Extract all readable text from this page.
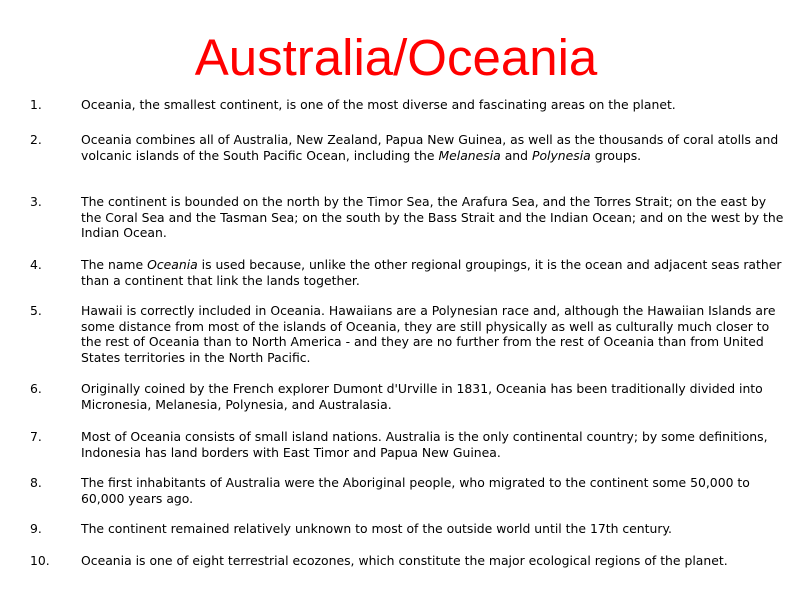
Australia/Oceania
1.	Oceania, the smallest continent, is one of the most diverse and fascinating areas on the planet.
2.	Oceania combines all of Australia, New Zealand, Papua New Guinea, as well as the thousands of coral atolls and volcanic islands of the South Pacific Ocean, including the Melanesia and Polynesia groups.
3.	The continent is bounded on the north by the Timor Sea, the Arafura Sea, and the Torres Strait; on the east by the Coral Sea and the Tasman Sea; on the south by the Bass Strait and the Indian Ocean; and on the west by the Indian Ocean.
4.	The name Oceania is used because, unlike the other regional groupings, it is the ocean and adjacent seas rather than a continent that link the lands together.
5.	Hawaii is correctly included in Oceania. Hawaiians are a Polynesian race and, although the Hawaiian Islands are some distance from most of the islands of Oceania, they are still physically as well as culturally much closer to the rest of Oceania than to North America - and they are no further from the rest of Oceania than from United States territories in the North Pacific.
6.	Originally coined by the French explorer Dumont d'Urville in 1831, Oceania has been traditionally divided into Micronesia, Melanesia, Polynesia, and Australasia.
7.	Most of Oceania consists of small island nations. Australia is the only continental country; by some definitions, Indonesia has land borders with East Timor and Papua New Guinea.
8.	The first inhabitants of Australia were the Aboriginal people, who migrated to the continent some 50,000 to 60,000 years ago.
9.	The continent remained relatively unknown to most of the outside world until the 17th century.
10.	Oceania is one of eight terrestrial ecozones, which constitute the major ecological regions of the planet.
